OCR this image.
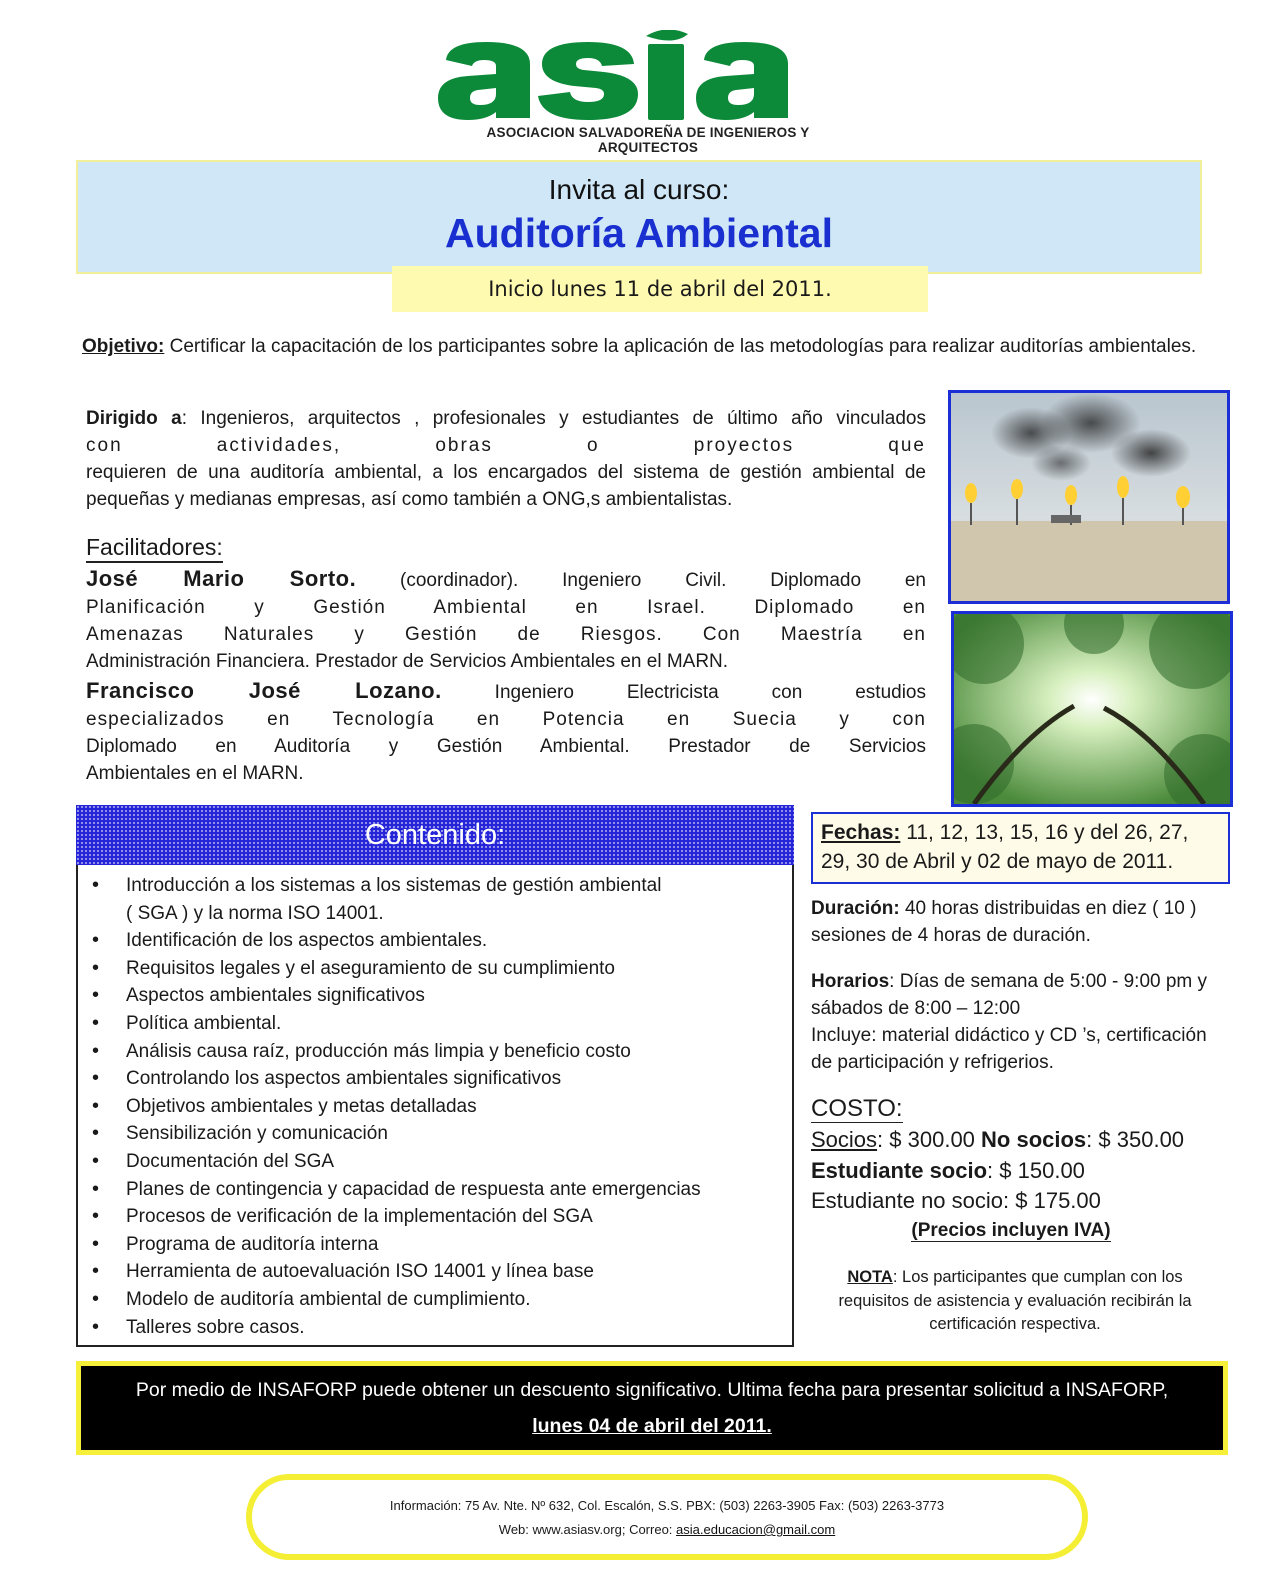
ASOCIACION SALVADOREÑA DE INGENIEROS Y ARQUITECTOS
Invita al curso:
Auditoría Ambiental
Inicio lunes 11 de abril del 2011.
Objetivo: Certificar la capacitación de los participantes sobre la aplicación de las metodologías para realizar auditorías ambientales.
Dirigido a: Ingenieros, arquitectos , profesionales y estudiantes de último año vinculados
con actividades, obras o proyectos que
requieren de una auditoría ambiental, a los encargados del sistema de gestión ambiental de pequeñas y medianas empresas, así como también a ONG,s ambientalistas.
Facilitadores:
José Mario Sorto. (coordinador). Ingeniero Civil. Diplomado en
Planificación y Gestión Ambiental en Israel. Diplomado en
Amenazas Naturales y Gestión de Riesgos. Con Maestría en
Administración Financiera. Prestador de Servicios Ambientales en el MARN.
Francisco José Lozano. Ingeniero Electricista con estudios
especializados en Tecnología en Potencia en Suecia y con
Diplomado en Auditoría y Gestión Ambiental. Prestador de Servicios
Ambientales en el MARN.
Contenido:
• Introducción a los sistemas a los sistemas de gestión ambiental
( SGA ) y la norma ISO 14001.
• Identificación de los aspectos ambientales.
• Requisitos legales y el aseguramiento de su cumplimiento
• Aspectos ambientales significativos
• Política ambiental.
• Análisis causa raíz, producción más limpia y beneficio costo
• Controlando los aspectos ambientales significativos
• Objetivos ambientales y metas detalladas
• Sensibilización y comunicación
• Documentación del SGA
• Planes de contingencia y capacidad de respuesta ante emergencias
• Procesos de verificación de la implementación del SGA
• Programa de auditoría interna
• Herramienta de autoevaluación ISO 14001 y línea base
• Modelo de auditoría ambiental de cumplimiento.
• Talleres sobre casos.
Fechas: 11, 12, 13, 15, 16 y del 26, 27, 29, 30 de Abril y 02 de mayo de 2011.
Duración: 40 horas distribuidas en diez ( 10 ) sesiones de 4 horas de duración.
Horarios: Días de semana de 5:00 - 9:00 pm y sábados de 8:00 – 12:00
Incluye: material didáctico y CD ’s, certificación de participación y refrigerios.
COSTO:
Socios: $ 300.00 No socios: $ 350.00
Estudiante socio: $ 150.00
Estudiante no socio: $ 175.00
(Precios incluyen IVA)
NOTA: Los participantes que cumplan con los requisitos de asistencia y evaluación recibirán la certificación respectiva.
Por medio de INSAFORP puede obtener un descuento significativo. Ultima fecha para presentar solicitud a INSAFORP,
lunes 04 de abril del 2011.
Información: 75 Av. Nte. Nº 632, Col. Escalón, S.S. PBX: (503) 2263-3905 Fax: (503) 2263-3773
Web: www.asiasv.org; Correo: asia.educacion@gmail.com
